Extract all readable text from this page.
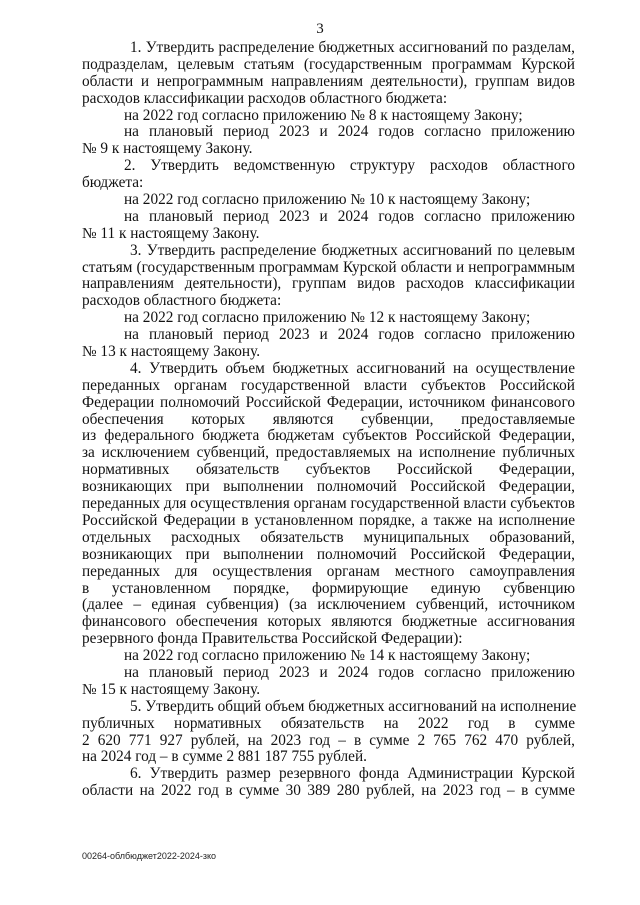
3
1. Утвердить распределение бюджетных ассигнований по разделам,
подразделам, целевым статьям (государственным программам Курской
области и непрограммным направлениям деятельности), группам видов
расходов классификации расходов областного бюджета:
на 2022 год согласно приложению № 8 к настоящему Закону;
на плановый период 2023 и 2024 годов согласно приложению
№ 9 к настоящему Закону.
2. Утвердить ведомственную структуру расходов областного
бюджета:
на 2022 год согласно приложению № 10 к настоящему Закону;
на плановый период 2023 и 2024 годов согласно приложению
№ 11 к настоящему Закону.
3. Утвердить распределение бюджетных ассигнований по целевым
статьям (государственным программам Курской области и непрограммным
направлениям деятельности), группам видов расходов классификации
расходов областного бюджета:
на 2022 год согласно приложению № 12 к настоящему Закону;
на плановый период 2023 и 2024 годов согласно приложению
№ 13 к настоящему Закону.
4. Утвердить объем бюджетных ассигнований на осуществление
переданных органам государственной власти субъектов Российской
Федерации полномочий Российской Федерации, источником финансового
обеспечения которых являются субвенции, предоставляемые
из федерального бюджета бюджетам субъектов Российской Федерации,
за исключением субвенций, предоставляемых на исполнение публичных
нормативных обязательств субъектов Российской Федерации,
возникающих при выполнении полномочий Российской Федерации,
переданных для осуществления органам государственной власти субъектов
Российской Федерации в установленном порядке, а также на исполнение
отдельных расходных обязательств муниципальных образований,
возникающих при выполнении полномочий Российской Федерации,
переданных для осуществления органам местного самоуправления
в установленном порядке, формирующие единую субвенцию
(далее – единая субвенция) (за исключением субвенций, источником
финансового обеспечения которых являются бюджетные ассигнования
резервного фонда Правительства Российской Федерации):
на 2022 год согласно приложению № 14 к настоящему Закону;
на плановый период 2023 и 2024 годов согласно приложению
№ 15 к настоящему Закону.
5. Утвердить общий объем бюджетных ассигнований на исполнение
публичных нормативных обязательств на 2022 год в сумме
2 620 771 927 рублей, на 2023 год – в сумме 2 765 762 470 рублей,
на 2024 год – в сумме 2 881 187 755 рублей.
6. Утвердить размер резервного фонда Администрации Курской
области на 2022 год в сумме 30 389 280 рублей, на 2023 год – в сумме
00264-облбюджет2022-2024-зко
